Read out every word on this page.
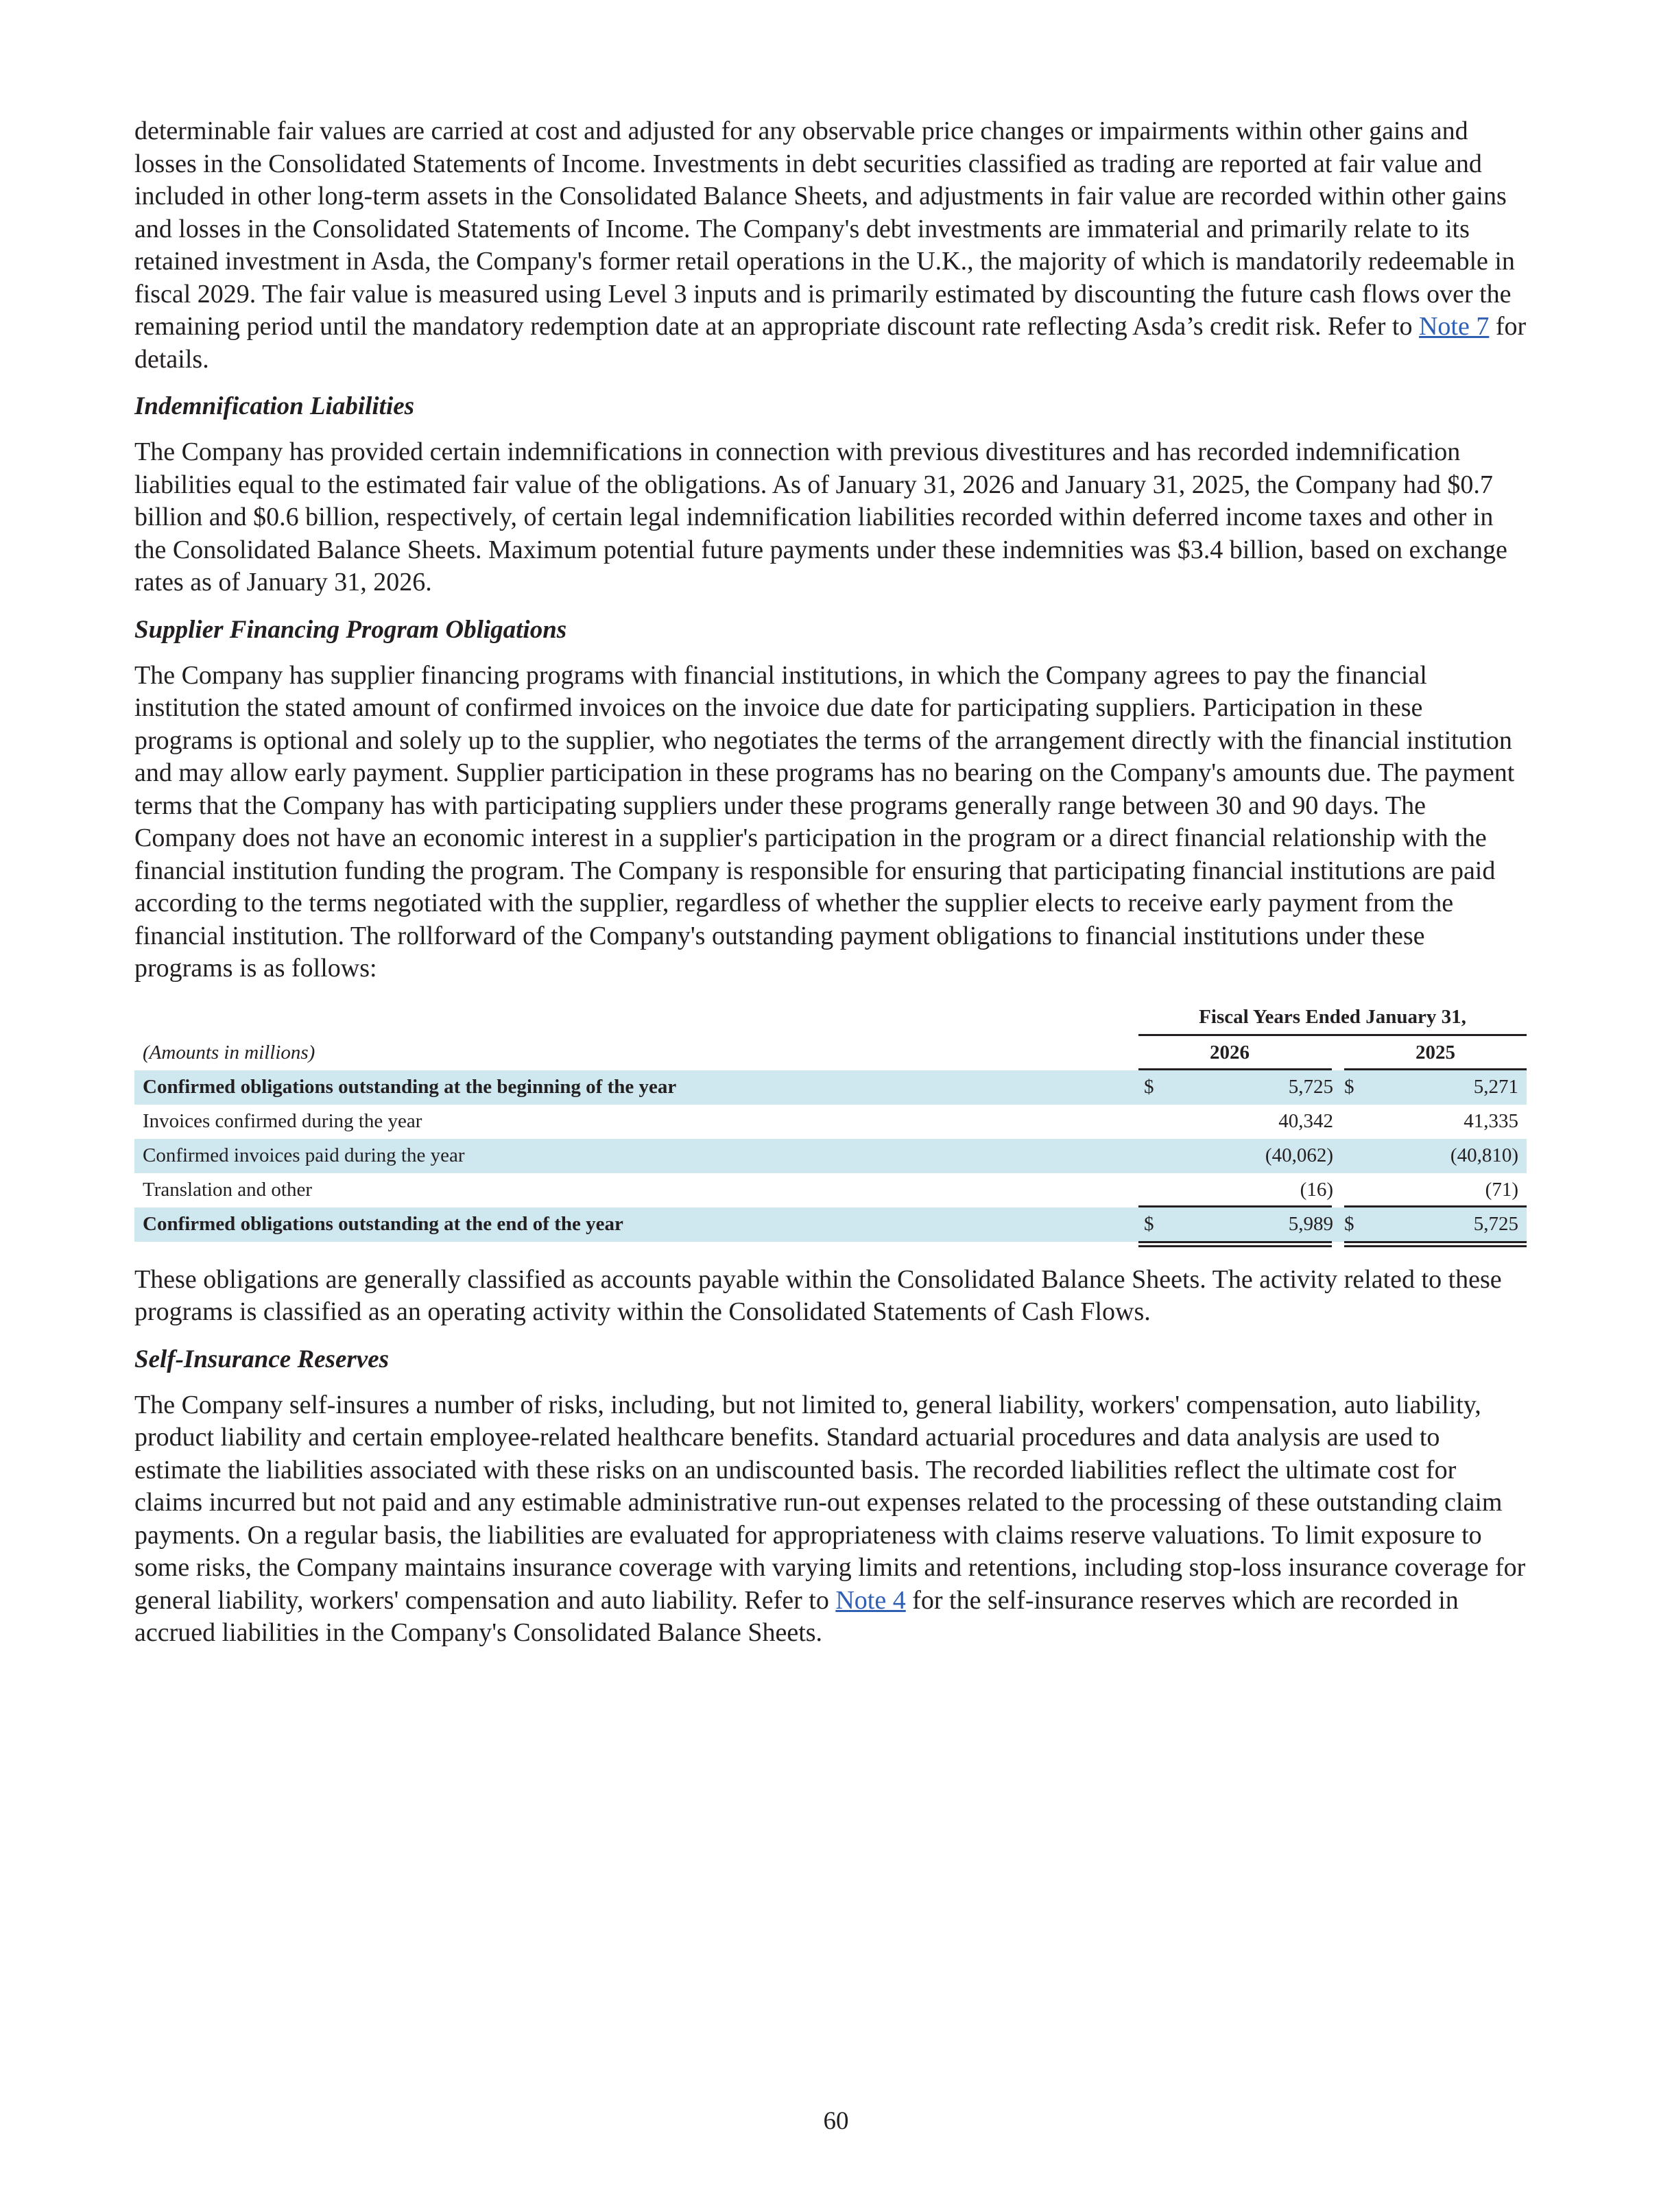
determinable fair values are carried at cost and adjusted for any observable price changes or impairments within other gains and losses in the Consolidated Statements of Income. Investments in debt securities classified as trading are reported at fair value and included in other long-term assets in the Consolidated Balance Sheets, and adjustments in fair value are recorded within other gains and losses in the Consolidated Statements of Income. The Company's debt investments are immaterial and primarily relate to its retained investment in Asda, the Company's former retail operations in the U.K., the majority of which is mandatorily redeemable in fiscal 2029. The fair value is measured using Level 3 inputs and is primarily estimated by discounting the future cash flows over the remaining period until the mandatory redemption date at an appropriate discount rate reflecting Asda’s credit risk. Refer to Note 7 for details.

Indemnification Liabilities

The Company has provided certain indemnifications in connection with previous divestitures and has recorded indemnification liabilities equal to the estimated fair value of the obligations. As of January 31, 2026 and January 31, 2025, the Company had $0.7 billion and $0.6 billion, respectively, of certain legal indemnification liabilities recorded within deferred income taxes and other in the Consolidated Balance Sheets. Maximum potential future payments under these indemnities was $3.4 billion, based on exchange rates as of January 31, 2026.

Supplier Financing Program Obligations

The Company has supplier financing programs with financial institutions, in which the Company agrees to pay the financial institution the stated amount of confirmed invoices on the invoice due date for participating suppliers. Participation in these programs is optional and solely up to the supplier, who negotiates the terms of the arrangement directly with the financial institution and may allow early payment. Supplier participation in these programs has no bearing on the Company's amounts due. The payment terms that the Company has with participating suppliers under these programs generally range between 30 and 90 days. The Company does not have an economic interest in a supplier's participation in the program or a direct financial relationship with the financial institution funding the program. The Company is responsible for ensuring that participating financial institutions are paid according to the terms negotiated with the supplier, regardless of whether the supplier elects to receive early payment from the financial institution. The rollforward of the Company's outstanding payment obligations to financial institutions under these programs is as follows:

Fiscal Years Ended January 31,
(Amounts in millions)	2026	2025
Confirmed obligations outstanding at the beginning of the year	$	5,725 $	5,271
Invoices confirmed during the year	40,342	41,335
Confirmed invoices paid during the year	(40,062)	(40,810)
Translation and other	(16)	(71)
Confirmed obligations outstanding at the end of the year	$	5,989 $	5,725

These obligations are generally classified as accounts payable within the Consolidated Balance Sheets. The activity related to these programs is classified as an operating activity within the Consolidated Statements of Cash Flows.

Self-Insurance Reserves

The Company self-insures a number of risks, including, but not limited to, general liability, workers' compensation, auto liability, product liability and certain employee-related healthcare benefits. Standard actuarial procedures and data analysis are used to estimate the liabilities associated with these risks on an undiscounted basis. The recorded liabilities reflect the ultimate cost for claims incurred but not paid and any estimable administrative run-out expenses related to the processing of these outstanding claim payments. On a regular basis, the liabilities are evaluated for appropriateness with claims reserve valuations. To limit exposure to some risks, the Company maintains insurance coverage with varying limits and retentions, including stop-loss insurance coverage for general liability, workers' compensation and auto liability. Refer to Note 4 for the self-insurance reserves which are recorded in accrued liabilities in the Company's Consolidated Balance Sheets.

60
